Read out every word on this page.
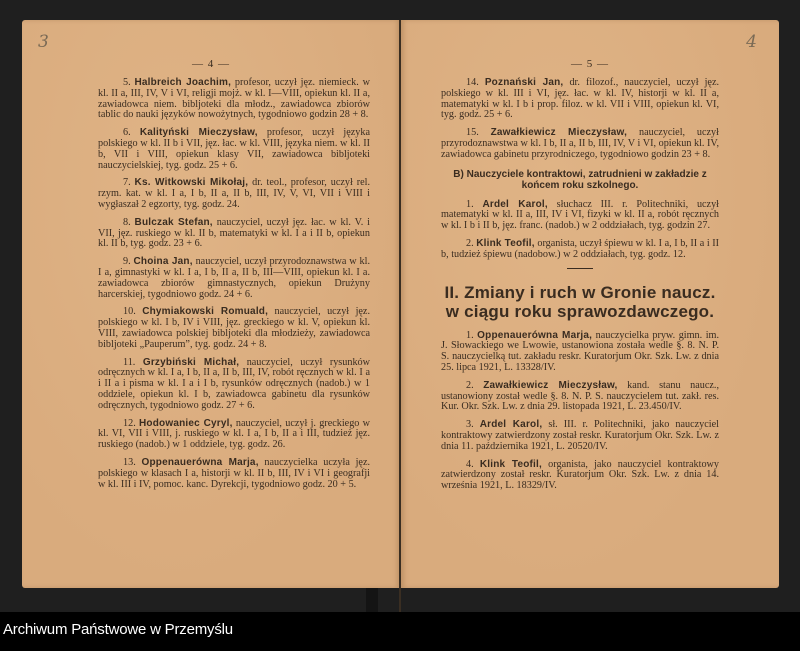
3
— 4 —

5. Halbreich Joachim, profesor, uczył jęz. niemieck. w kl. II a, III, IV, V i VI, religji mojż. w kl. I—VIII, opiekun kl. II a, zawiadowca niem. bibljoteki dla młodz., zawiadowca zbiorów tablic do nauki języków nowożytnych, tygodniowo godzin 28 + 8.

6. Kalityński Mieczysław, profesor, uczył języka polskiego w kl. II b i VII, jęz. łac. w kl. VIII, języka niem. w kl. II b, VII i VIII, opiekun klasy VII, zawiadowca bibljoteki nauczycielskiej, tyg. godz. 25 + 6.

7. Ks. Witkowski Mikołaj, dr. teol., profesor, uczył rel. rzym. kat. w kl. I a, I b, II a, II b, III, IV, V, VI, VII i VIII i wygłaszał 2 egzorty, tyg. godz. 24.

8. Bulczak Stefan, nauczyciel, uczył jęz. łac. w kl. V. i VII, jęz. ruskiego w kl. II b, matematyki w kl. I a i II b, opiekun kl. II b, tyg. godz. 23 + 6.

9. Choina Jan, nauczyciel, uczył przyrodoznawstwa w kl. I a, gimnastyki w kl. I a, I b, II a, II b, III—VIII, opiekun kl. I a. zawiadowca zbiorów gimnastycznych, opiekun Drużyny harcerskiej, tygodniowo godz. 24 + 6.

10. Chymiakowski Romuald, nauczyciel, uczył jęz. polskiego w kl. I b, IV i VIII, jęz. greckiego w kl. V, opiekun kl. VIII, zawiadowca polskiej bibljoteki dla młodzieży, zawiadowca bibljoteki „Pauperum”, tyg. godz. 24 + 8.

11. Grzybiński Michał, nauczyciel, uczył rysunków odręcznych w kl. I a, I b, II a, II b, III, IV, robót ręcznych w kl. I a i II a i pisma w kl. I a i I b, rysunków odręcznych (nadob.) w 1 oddziele, opiekun kl. I b, zawiadowca gabinetu dla rysunków odręcznych, tygodniowo godz. 27 + 6.

12. Hodowaniec Cyryl, nauczyciel, uczył j. greckiego w kl. VI, VII i VIII, j. ruskiego w kl. I a, I b, II a i III, tudzież jęz. ruskiego (nadob.) w 1 oddziele, tyg. godz. 26.

13. Oppenauerówna Marja, nauczycielka uczyła jęz. polskiego w klasach I a, historji w kl. II b, III, IV i VI i geografji w kl. III i IV, pomoc. kanc. Dyrekcji, tygodniowo godz. 20 + 5.

4
— 5 —

14. Poznański Jan, dr. filozof., nauczyciel, uczył jęz. polskiego w kl. III i VI, jęz. łac. w kl. IV, historji w kl. II a, matematyki w kl. I b i prop. filoz. w kl. VII i VIII, opiekun kl. VI, tyg. godz. 25 + 6.

15. Zawałkiewicz Mieczysław, nauczyciel, uczył przyrodoznawstwa w kl. I b, II a, II b, III, IV, V i VI, opiekun kl. IV, zawiadowca gabinetu przyrodniczego, tygodniowo godzin 23 + 8.

B) Nauczyciele kontraktowi, zatrudnieni w zakładzie z końcem roku szkolnego.

1. Ardel Karol, słuchacz III. r. Politechniki, uczył matematyki w kl. II a, III, IV i VI, fizyki w kl. II a, robót ręcznych w kl. I b i II b, jęz. franc. (nadob.) w 2 oddziałach, tyg. godzin 27.

2. Klink Teofil, organista, uczył śpiewu w kl. I a, I b, II a i II b, tudzież śpiewu (nadobow.) w 2 oddziałach, tyg. godz. 12.

II. Zmiany i ruch w Gronie naucz.
w ciągu roku sprawozdawczego.

1. Oppenauerówna Marja, nauczycielka pryw. gimn. im. J. Słowackiego we Lwowie, ustanowiona została wedle §. 8. N. P. S. nauczycielką tut. zakładu reskr. Kuratorjum Okr. Szk. Lw. z dnia 25. lipca 1921, L. 13328/IV.

2. Zawałkiewicz Mieczysław, kand. stanu naucz., ustanowiony został wedle §. 8. N. P. S. nauczycielem tut. zakł. res. Kur. Okr. Szk. Lw. z dnia 29. listopada 1921, L. 23.450/IV.

3. Ardel Karol, sł. III. r. Politechniki, jako nauczyciel kontraktowy zatwierdzony został reskr. Kuratorjum Okr. Szk. Lw. z dnia 11. października 1921, L. 20520/IV.

4. Klink Teofil, organista, jako nauczyciel kontraktowy zatwierdzony został reskr. Kuratorjum Okr. Szk. Lw. z dnia 14. września 1921, L. 18329/IV.

Archiwum Państwowe w Przemyślu
